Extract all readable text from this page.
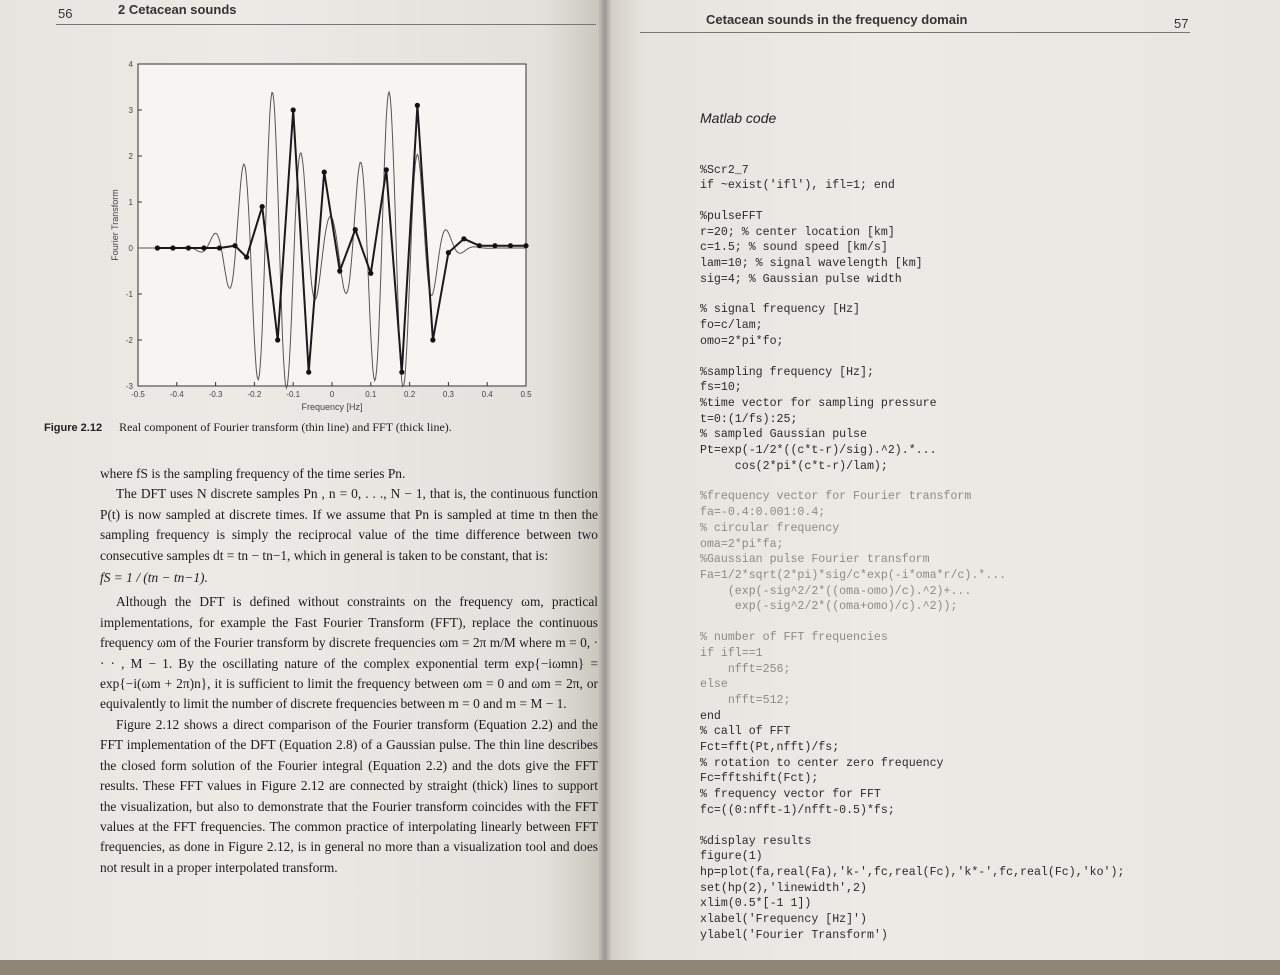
56	2 Cetacean sounds
-0.5	-0.4	-0.3	-0.2	-0.1	0	0.1	0.2	0.3	0.4	0.5
-3
-2
-1
0
1
2
3
4
Frequency [Hz]
Fourier Transform
Figure 2.12 Real component of Fourier transform (thin line) and FFT (thick line).

where fS is the sampling frequency of the time series Pn.

The DFT uses N discrete samples Pn , n = 0, . . ., N − 1, that is, the continuous function P(t) is now sampled at discrete times. If we assume that Pn is sampled at time tn then the sampling frequency is simply the reciprocal value of the time difference between two consecutive samples dt = tn − tn−1, which in general is taken to be constant, that is:

fS = 1 / (tn − tn−1).

Although the DFT is defined without constraints on the frequency ωm, practical implementations, for example the Fast Fourier Transform (FFT), replace the continuous frequency ωm of the Fourier transform by discrete frequencies ωm = 2π m/M where m = 0, · · · , M − 1. By the oscillating nature of the complex exponential term exp{−iωmn} = exp{−i(ωm + 2π)n}, it is sufficient to limit the frequency between ωm = 0 and ωm = 2π, or equivalently to limit the number of discrete frequencies between m = 0 and m = M − 1.

Figure 2.12 shows a direct comparison of the Fourier transform (Equation 2.2) and the FFT implementation of the DFT (Equation 2.8) of a Gaussian pulse. The thin line describes the closed form solution of the Fourier integral (Equation 2.2) and the dots give the FFT results. These FFT values in Figure 2.12 are connected by straight (thick) lines to support the visualization, but also to demonstrate that the Fourier transform coincides with the FFT values at the FFT frequencies. The common practice of interpolating linearly between FFT frequencies, as done in Figure 2.12, is in general no more than a visualization tool and does not result in a proper interpolated transform.

Cetacean sounds in the frequency domain	57

Matlab code

%Scr2_7
if ~exist('ifl'), ifl=1; end
%pulseFFT
r=20; % center location [km]
c=1.5; % sound speed [km/s]
lam=10; % signal wavelength [km]
sig=4; % Gaussian pulse width
% signal frequency [Hz]
fo=c/lam;
omo=2*pi*fo;
%sampling frequency [Hz];
fs=10;
%time vector for sampling pressure
t=0:(1/fs):25;
% sampled Gaussian pulse
Pt=exp(-1/2*((c*t-r)/sig).^2).*...
cos(2*pi*(c*t-r)/lam);
%frequency vector for Fourier transform
fa=-0.4:0.001:0.4;
% circular frequency
oma=2*pi*fa;
%Gaussian pulse Fourier transform
Fa=1/2*sqrt(2*pi)*sig/c*exp(-i*oma*r/c).*...
(exp(-sig^2/2*((oma-omo)/c).^2)+...
exp(-sig^2/2*((oma+omo)/c).^2));
% number of FFT frequencies
if ifl==1
nfft=256;
else
nfft=512;
end
% call of FFT
Fct=fft(Pt,nfft)/fs;
% rotation to center zero frequency
Fc=fftshift(Fct);
% frequency vector for FFT
fc=((0:nfft-1)/nfft-0.5)*fs;
%display results
figure(1)
hp=plot(fa,real(Fa),'k-',fc,real(Fc),'k*-',fc,real(Fc),'ko');
set(hp(2),'linewidth',2)
xlim(0.5*[-1 1])
xlabel('Frequency [Hz]')
ylabel('Fourier Transform')
